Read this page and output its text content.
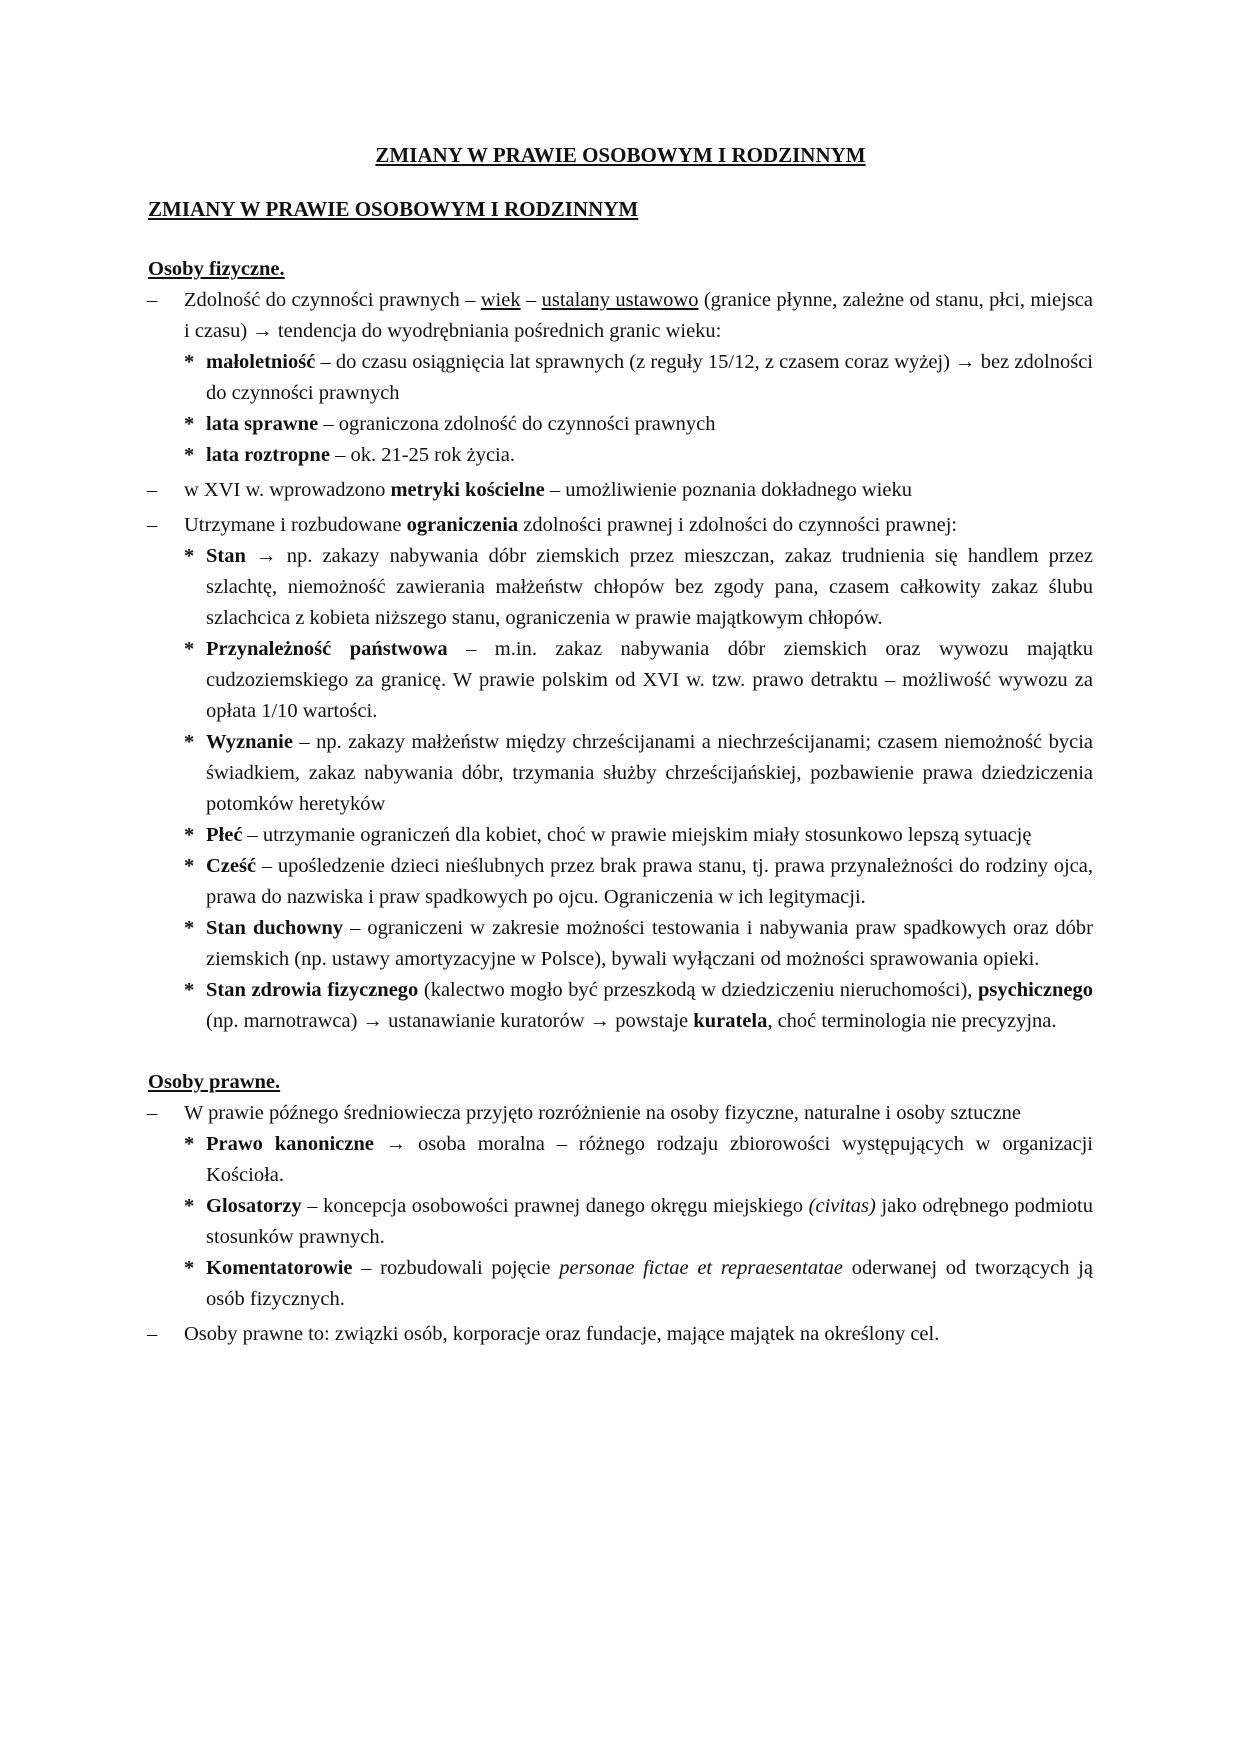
ZMIANY W PRAWIE OSOBOWYM I RODZINNYM
ZMIANY W PRAWIE OSOBOWYM I RODZINNYM
Osoby fizyczne.
–	Zdolność do czynności prawnych – wiek – ustalany ustawowo (granice płynne, zależne od stanu, płci, miejsca i czasu) → tendencja do wyodrębniania pośrednich granic wieku:
* małoletniość – do czasu osiągnięcia lat sprawnych (z reguły 15/12, z czasem coraz wyżej) → bez zdolności do czynności prawnych
* lata sprawne – ograniczona zdolność do czynności prawnych
* lata roztropne – ok. 21-25 rok życia.
–	w XVI w. wprowadzono metryki kościelne – umożliwienie poznania dokładnego wieku
–	Utrzymane i rozbudowane ograniczenia zdolności prawnej i zdolności do czynności prawnej:
* Stan → np. zakazy nabywania dóbr ziemskich przez mieszczan, zakaz trudnienia się handlem przez szlachtę, niemożność zawierania małżeństw chłopów bez zgody pana, czasem całkowity zakaz ślubu szlachcica z kobieta niższego stanu, ograniczenia w prawie majątkowym chłopów.
* Przynależność państwowa – m.in. zakaz nabywania dóbr ziemskich oraz wywozu majątku cudzoziemskiego za granicę. W prawie polskim od XVI w. tzw. prawo detraktu – możliwość wywozu za opłata 1/10 wartości.
* Wyznanie – np. zakazy małżeństw między chrześcijanami a niechrześcijanami; czasem niemożność bycia świadkiem, zakaz nabywania dóbr, trzymania służby chrześcijańskiej, pozbawienie prawa dziedziczenia potomków heretyków
* Płeć – utrzymanie ograniczeń dla kobiet, choć w prawie miejskim miały stosunkowo lepszą sytuację
* Cześć – upośledzenie dzieci nieślubnych przez brak prawa stanu, tj. prawa przynależności do rodziny ojca, prawa do nazwiska i praw spadkowych po ojcu. Ograniczenia w ich legitymacji.
* Stan duchowny – ograniczeni w zakresie możności testowania i nabywania praw spadkowych oraz dóbr ziemskich (np. ustawy amortyzacyjne w Polsce), bywali wyłączani od możności sprawowania opieki.
* Stan zdrowia fizycznego (kalectwo mogło być przeszkodą w dziedziczeniu nieruchomości), psychicznego (np. marnotrawca) → ustanawianie kuratorów → powstaje kuratela, choć terminologia nie precyzyjna.
Osoby prawne.
–	W prawie późnego średniowiecza przyjęto rozróżnienie na osoby fizyczne, naturalne i osoby sztuczne
* Prawo kanoniczne → osoba moralna – różnego rodzaju zbiorowości występujących w organizacji Kościoła.
* Glosatorzy – koncepcja osobowości prawnej danego okręgu miejskiego (civitas) jako odrębnego podmiotu stosunków prawnych.
* Komentatorowie – rozbudowali pojęcie personae fictae et repraesentatae oderwanej od tworzących ją osób fizycznych.
–	Osoby prawne to: związki osób, korporacje oraz fundacje, mające majątek na określony cel.
